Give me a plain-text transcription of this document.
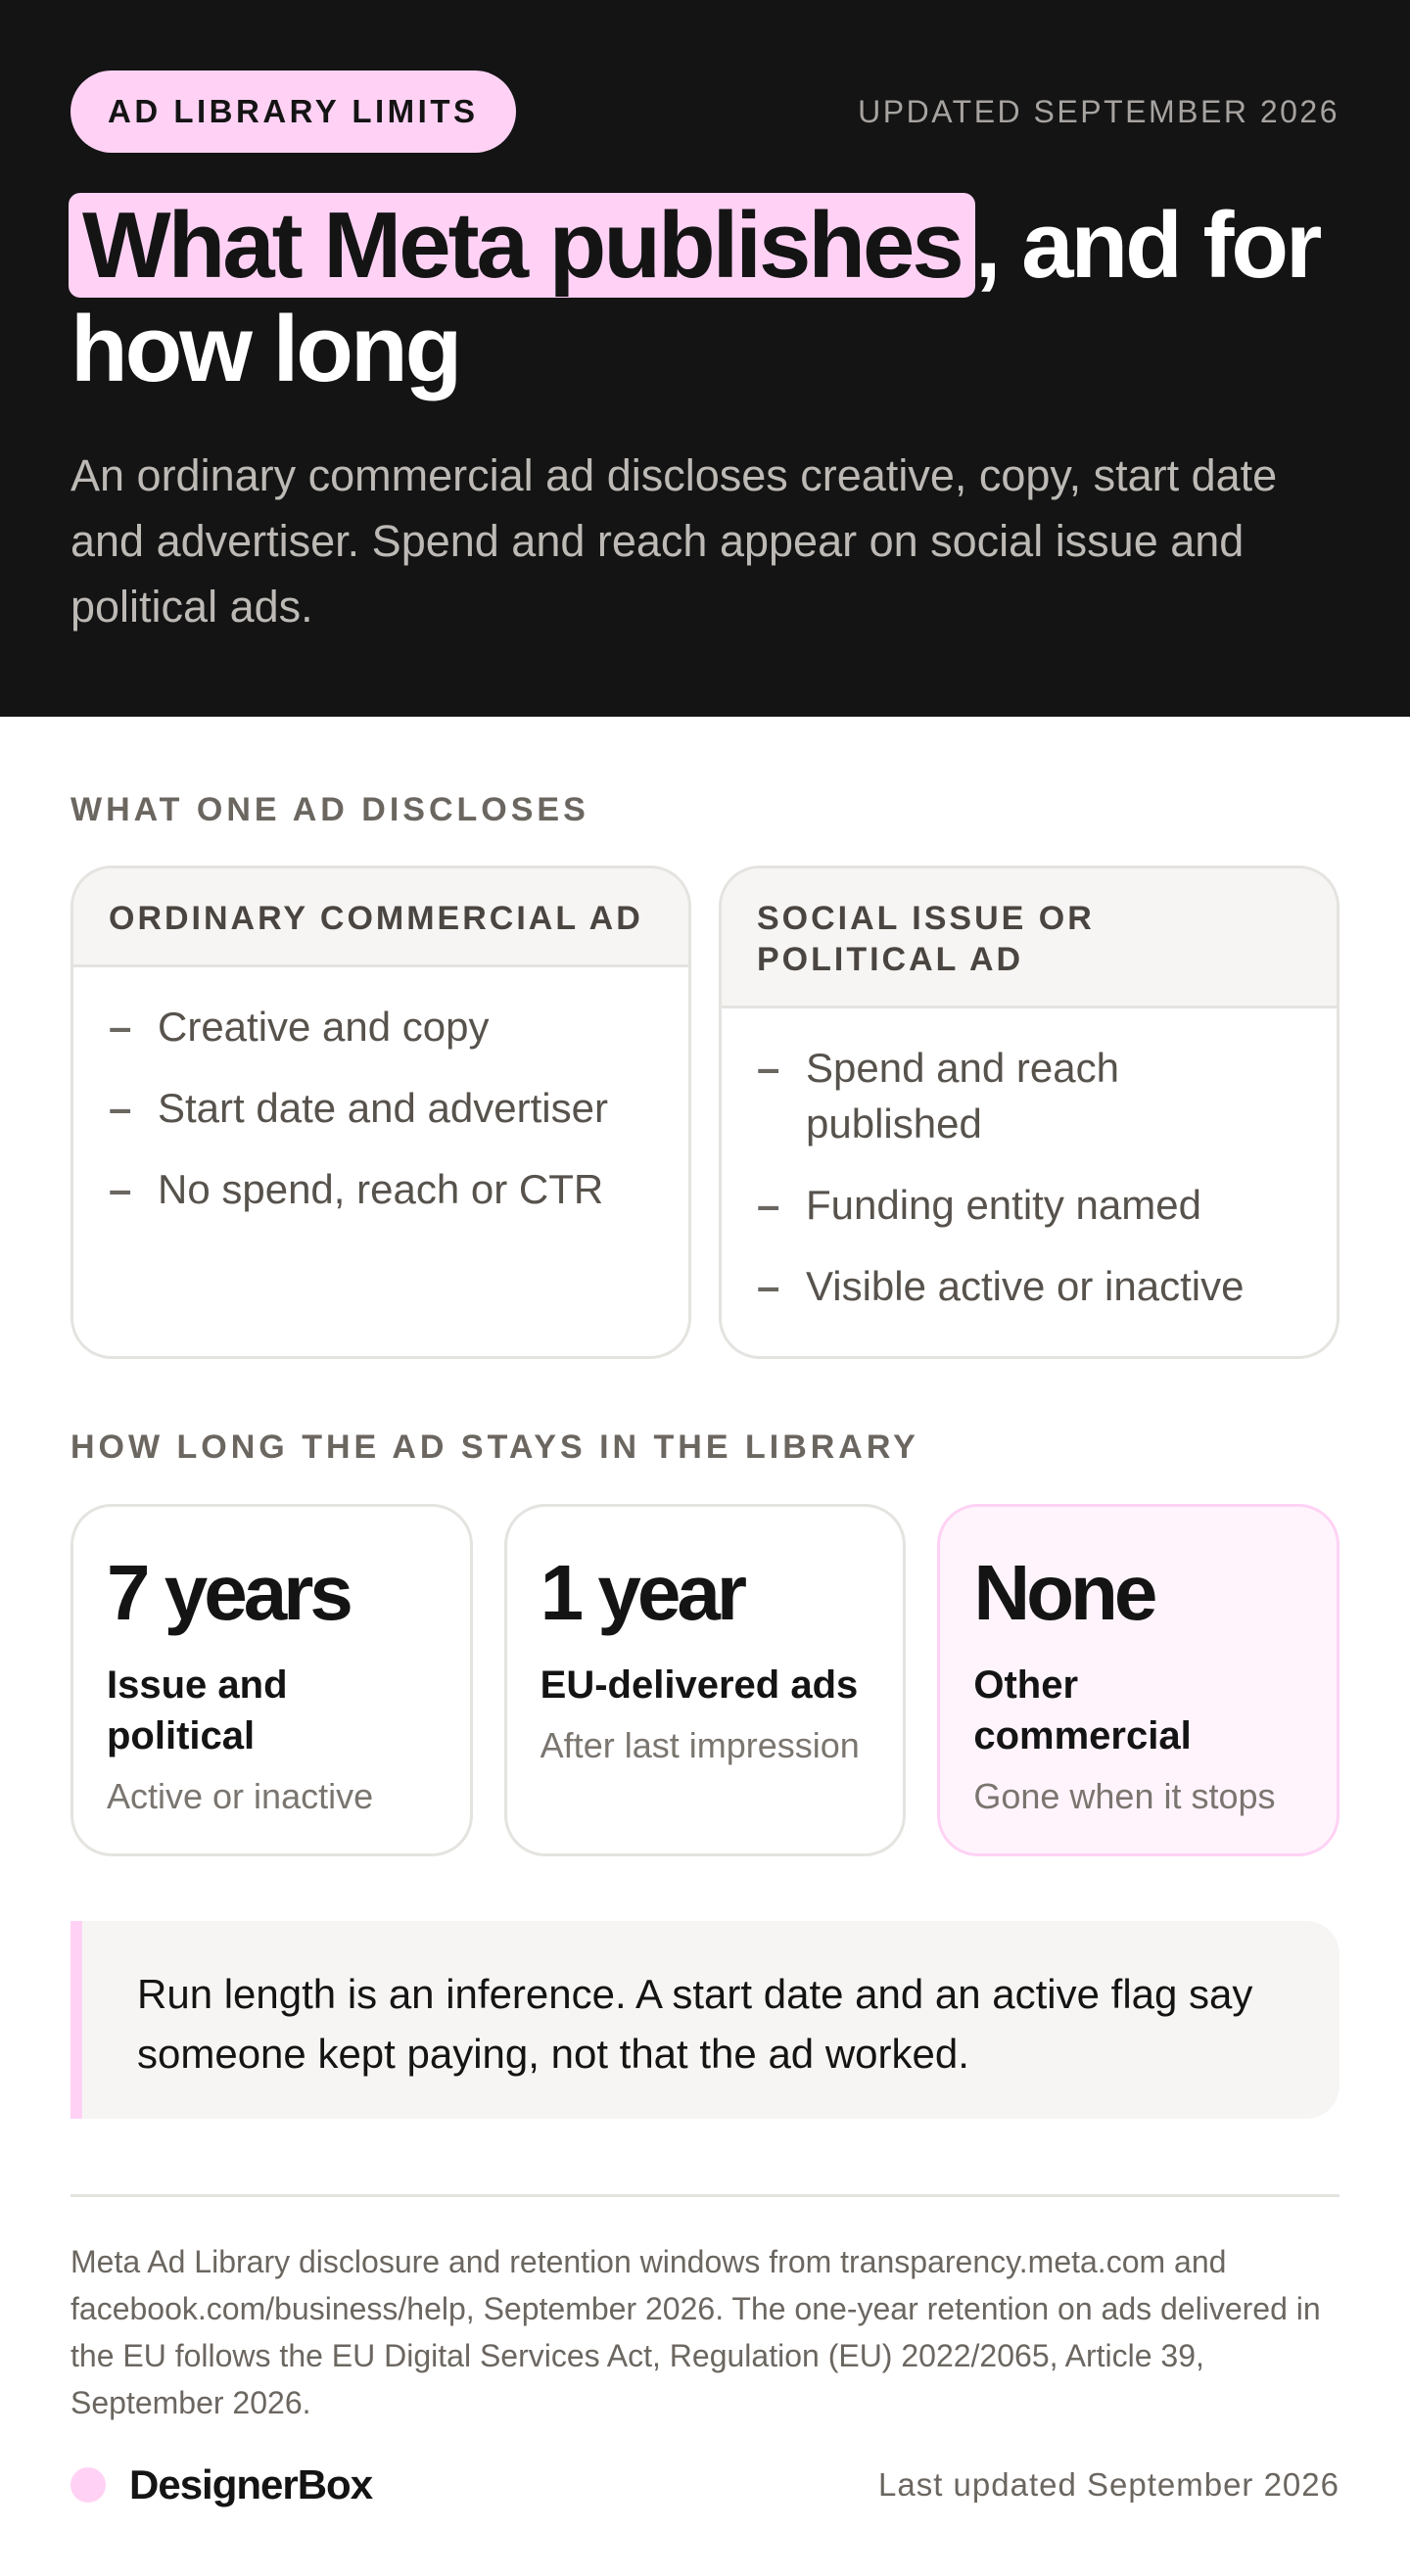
AD LIBRARY LIMITS	UPDATED SEPTEMBER 2026
What Meta publishes , and for how long

An ordinary commercial ad discloses creative, copy, start date and advertiser. Spend and reach appear on social issue and political ads.

WHAT ONE AD DISCLOSES
ORDINARY COMMERCIAL AD
– Creative and copy
– Start date and advertiser
– No spend, reach or CTR
SOCIAL ISSUE OR POLITICAL AD
– Spend and reach published
– Funding entity named
– Visible active or inactive
HOW LONG THE AD STAYS IN THE LIBRARY
7 years
Issue and political
Active or inactive
1 year
EU-delivered ads
After last impression
None
Other commercial
Gone when it stops
Run length is an inference. A start date and an active flag say someone kept paying, not that the ad worked.

Meta Ad Library disclosure and retention windows from transparency.meta.com and facebook.com/business/help, September 2026. The one-year retention on ads delivered in the EU follows the EU Digital Services Act, Regulation (EU) 2022/2065, Article 39, September 2026.

DesignerBox	Last updated September 2026
